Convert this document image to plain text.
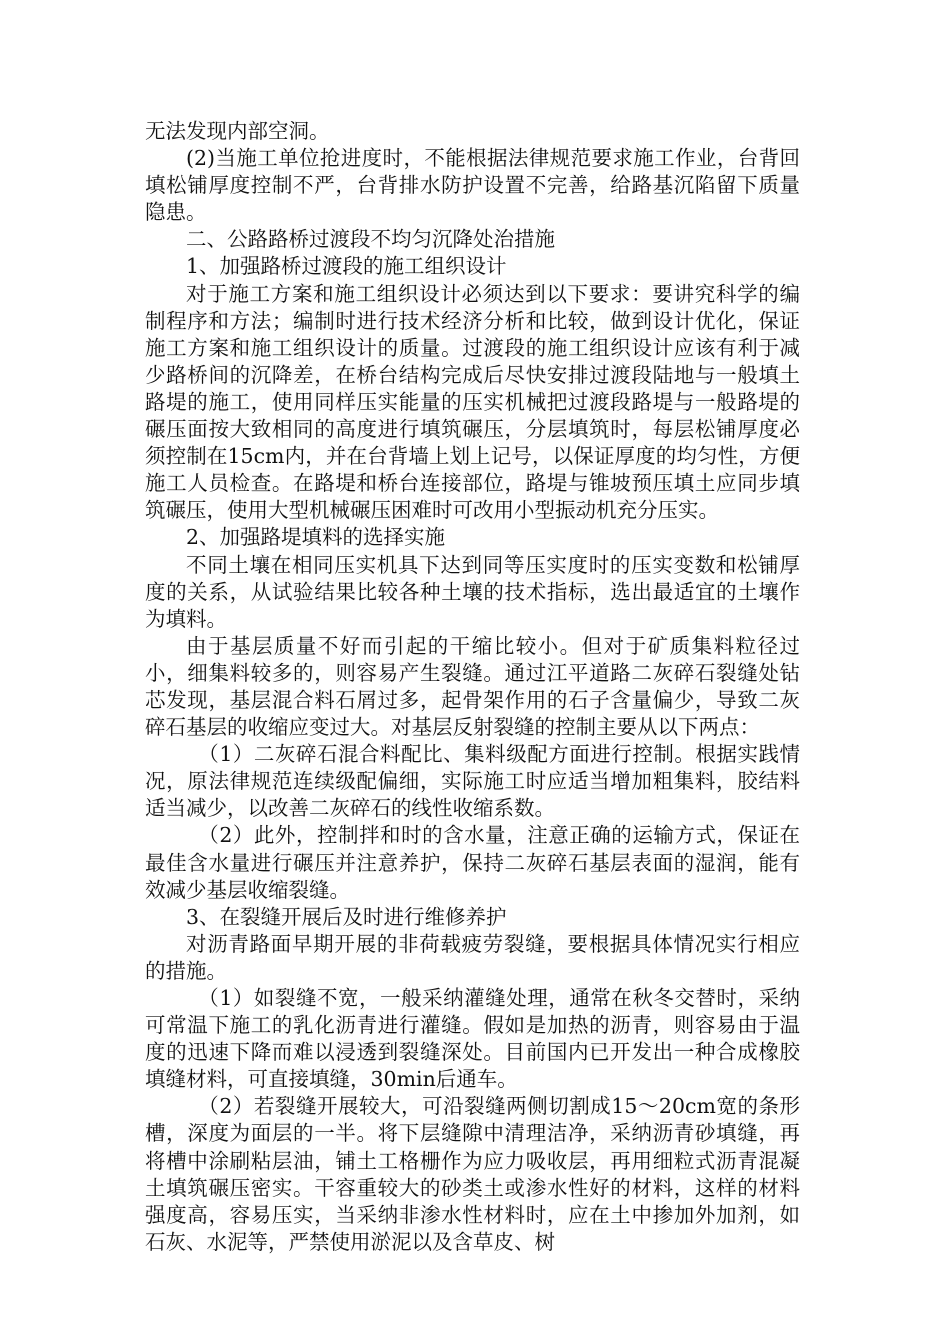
无法发现内部空洞。

(2)当施工单位抢进度时，不能根据法律规范要求施工作业，台背回填松铺厚度控制不严，台背排水防护设置不完善，给路基沉陷留下质量隐患。

二、公路路桥过渡段不均匀沉降处治措施

1、加强路桥过渡段的施工组织设计

对于施工方案和施工组织设计必须达到以下要求：要讲究科学的编制程序和方法；编制时进行技术经济分析和比较，做到设计优化，保证施工方案和施工组织设计的质量。过渡段的施工组织设计应该有利于减少路桥间的沉降差，在桥台结构完成后尽快安排过渡段陆地与一般填土路堤的施工，使用同样压实能量的压实机械把过渡段路堤与一般路堤的碾压面按大致相同的高度进行填筑碾压，分层填筑时，每层松铺厚度必须控制在15cm内，并在台背墙上划上记号，以保证厚度的均匀性，方便施工人员检查。在路堤和桥台连接部位，路堤与锥坡预压填土应同步填筑碾压，使用大型机械碾压困难时可改用小型振动机充分压实。

2、加强路堤填料的选择实施

不同土壤在相同压实机具下达到同等压实度时的压实变数和松铺厚度的关系，从试验结果比较各种土壤的技术指标，选出最适宜的土壤作为填料。

由于基层质量不好而引起的干缩比较小。但对于矿质集料粒径过小，细集料较多的，则容易产生裂缝。通过江平道路二灰碎石裂缝处钻芯发现，基层混合料石屑过多，起骨架作用的石子含量偏少，导致二灰碎石基层的收缩应变过大。对基层反射裂缝的控制主要从以下两点：

（1）二灰碎石混合料配比、集料级配方面进行控制。根据实践情况，原法律规范连续级配偏细，实际施工时应适当增加粗集料，胶结料适当减少，以改善二灰碎石的线性收缩系数。

（2）此外，控制拌和时的含水量，注意正确的运输方式，保证在最佳含水量进行碾压并注意养护，保持二灰碎石基层表面的湿润，能有效减少基层收缩裂缝。

3、在裂缝开展后及时进行维修养护

对沥青路面早期开展的非荷载疲劳裂缝，要根据具体情况实行相应的措施。

（1）如裂缝不宽，一般采纳灌缝处理，通常在秋冬交替时，采纳可常温下施工的乳化沥青进行灌缝。假如是加热的沥青，则容易由于温度的迅速下降而难以浸透到裂缝深处。目前国内已开发出一种合成橡胶填缝材料，可直接填缝，30min后通车。

（2）若裂缝开展较大，可沿裂缝两侧切割成15～20cm宽的条形槽，深度为面层的一半。将下层缝隙中清理洁净，采纳沥青砂填缝，再将槽中涂刷粘层油，铺土工格栅作为应力吸收层，再用细粒式沥青混凝土填筑碾压密实。干容重较大的砂类土或渗水性好的材料，这样的材料强度高，容易压实，当采纳非渗水性材料时，应在土中掺加外加剂，如石灰、水泥等，严禁使用淤泥以及含草皮、树
